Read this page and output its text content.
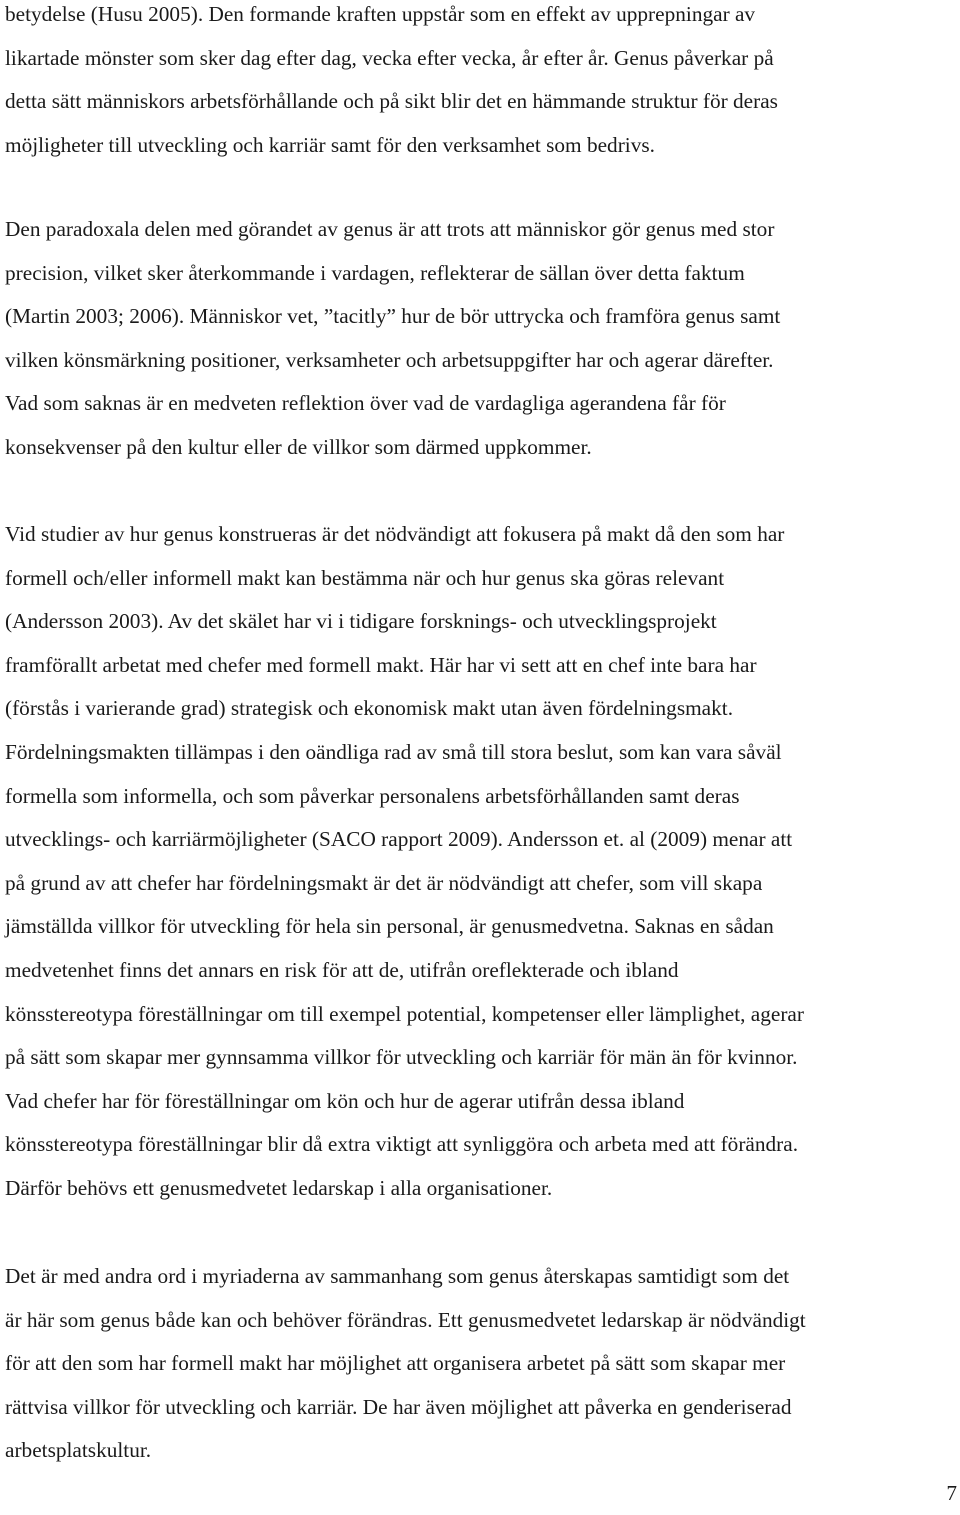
betydelse (Husu 2005). Den formande kraften uppstår som en effekt av upprepningar av
likartade mönster som sker dag efter dag, vecka efter vecka, år efter år. Genus påverkar på
detta sätt människors arbetsförhållande och på sikt blir det en hämmande struktur för deras
möjligheter till utveckling och karriär samt för den verksamhet som bedrivs.
Den paradoxala delen med görandet av genus är att trots att människor gör genus med stor
precision, vilket sker återkommande i vardagen, reflekterar de sällan över detta faktum
(Martin 2003; 2006). Människor vet, ”tacitly” hur de bör uttrycka och framföra genus samt
vilken könsmärkning positioner, verksamheter och arbetsuppgifter har och agerar därefter.
Vad som saknas är en medveten reflektion över vad de vardagliga agerandena får för
konsekvenser på den kultur eller de villkor som därmed uppkommer.
Vid studier av hur genus konstrueras är det nödvändigt att fokusera på makt då den som har
formell och/eller informell makt kan bestämma när och hur genus ska göras relevant
(Andersson 2003). Av det skälet har vi i tidigare forsknings- och utvecklingsprojekt
framförallt arbetat med chefer med formell makt. Här har vi sett att en chef inte bara har
(förstås i varierande grad) strategisk och ekonomisk makt utan även fördelningsmakt.
Fördelningsmakten tillämpas i den oändliga rad av små till stora beslut, som kan vara såväl
formella som informella, och som påverkar personalens arbetsförhållanden samt deras
utvecklings- och karriärmöjligheter (SACO rapport 2009). Andersson et. al (2009) menar att
på grund av att chefer har fördelningsmakt är det är nödvändigt att chefer, som vill skapa
jämställda villkor för utveckling för hela sin personal, är genusmedvetna. Saknas en sådan
medvetenhet finns det annars en risk för att de, utifrån oreflekterade och ibland
könsstereotypa föreställningar om till exempel potential, kompetenser eller lämplighet, agerar
på sätt som skapar mer gynnsamma villkor för utveckling och karriär för män än för kvinnor.
Vad chefer har för föreställningar om kön och hur de agerar utifrån dessa ibland
könsstereotypa föreställningar blir då extra viktigt att synliggöra och arbeta med att förändra.
Därför behövs ett genusmedvetet ledarskap i alla organisationer.
Det är med andra ord i myriaderna av sammanhang som genus återskapas samtidigt som det
är här som genus både kan och behöver förändras. Ett genusmedvetet ledarskap är nödvändigt
för att den som har formell makt har möjlighet att organisera arbetet på sätt som skapar mer
rättvisa villkor för utveckling och karriär. De har även möjlighet att påverka en genderiserad
arbetsplatskultur.
7
